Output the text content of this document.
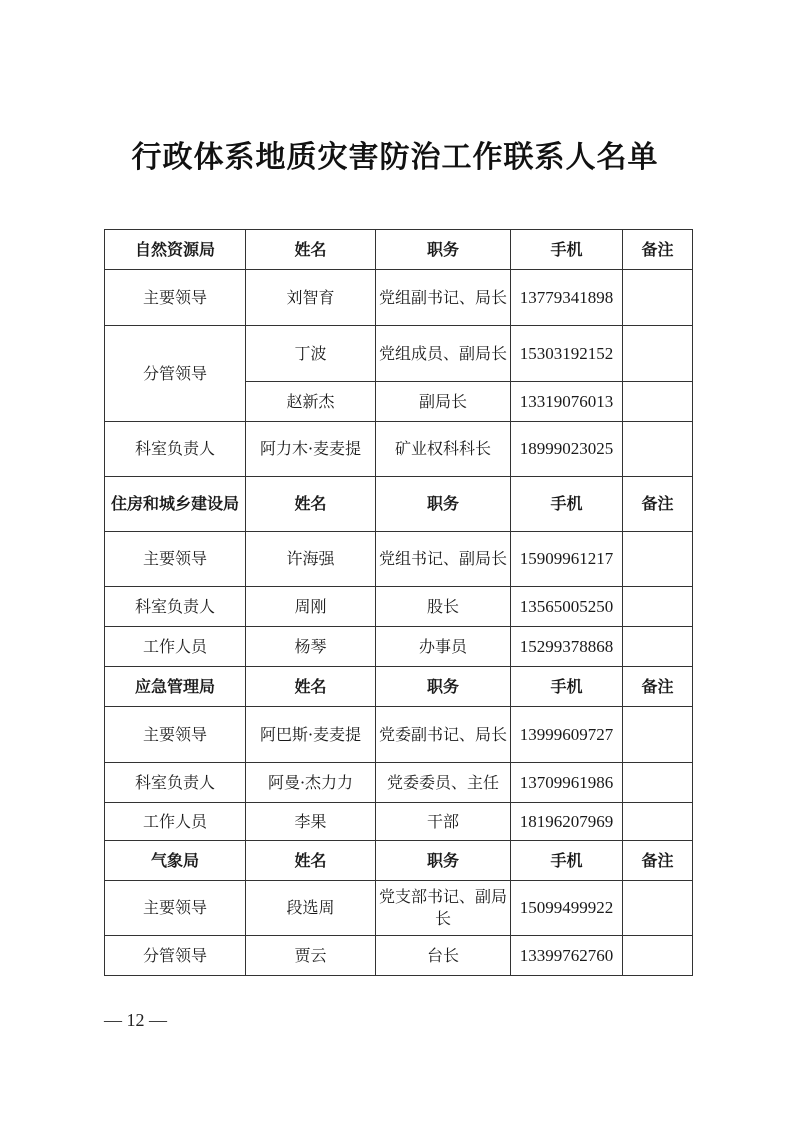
行政体系地质灾害防治工作联系人名单
自然资源局	姓名	职务	手机	备注
主要领导	刘智育	党组副书记、局长	13779341898	
分管领导	丁波	党组成员、副局长	15303192152	
	赵新杰	副局长	13319076013	
科室负责人	阿力木·麦麦提	矿业权科科长	18999023025	
住房和城乡建设局	姓名	职务	手机	备注
主要领导	许海强	党组书记、副局长	15909961217	
科室负责人	周刚	股长	13565005250	
工作人员	杨琴	办事员	15299378868	
应急管理局	姓名	职务	手机	备注
主要领导	阿巴斯·麦麦提	党委副书记、局长	13999609727	
科室负责人	阿曼·杰力力	党委委员、主任	13709961986	
工作人员	李果	干部	18196207969	
气象局	姓名	职务	手机	备注
主要领导	段选周	党支部书记、副局长	15099499922	
分管领导	贾云	台长	13399762760	
— 12 —
